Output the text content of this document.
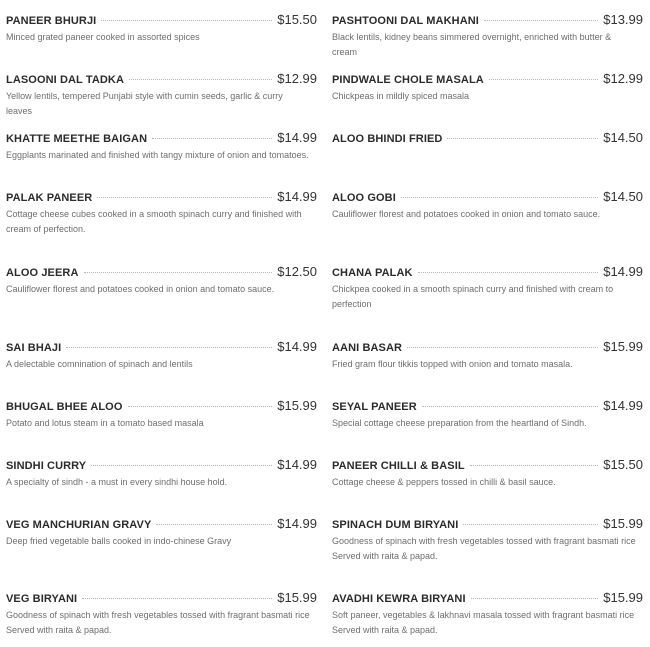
PANEER BHURJI	$15.50
Minced grated paneer cooked in assorted spices
LASOONI DAL TADKA	$12.99
Yellow lentils, tempered Punjabi style with cumin seeds, garlic & curry leaves
KHATTE MEETHE BAIGAN	$14.99
Eggplants marinated and finished with tangy mixture of onion and tomatoes.
PALAK PANEER	$14.99
Cottage cheese cubes cooked in a smooth spinach curry and finished with cream of perfection.
ALOO JEERA	$12.50
Cauliflower florest and potatoes cooked in onion and tomato sauce.
SAI BHAJI	$14.99
A delectable comnination of spinach and lentils
BHUGAL BHEE ALOO	$15.99
Potato and lotus steam in a tomato based masala
SINDHI CURRY	$14.99
A specialty of sindh - a must in every sindhi house hold.
VEG MANCHURIAN GRAVY	$14.99
Deep fried vegetable balls cooked in indo-chinese Gravy
VEG BIRYANI	$15.99
Goodness of spinach with fresh vegetables tossed with fragrant basmati rice Served with raita & papad.
PASHTOONI DAL MAKHANI	$13.99
Black lentils, kidney beans simmered overnight, enriched with butter & cream
PINDWALE CHOLE MASALA	$12.99
Chickpeas in mildly spiced masala
ALOO BHINDI FRIED	$14.50
ALOO GOBI	$14.50
Cauliflower florest and potatoes cooked in onion and tomato sauce.
CHANA PALAK	$14.99
Chickpea cooked in a smooth spinach curry and finished with cream to perfection
AANI BASAR	$15.99
Fried gram flour tikkis topped with onion and tomato masala.
SEYAL PANEER	$14.99
Special cottage cheese preparation from the heartland of Sindh.
PANEER CHILLI & BASIL	$15.50
Cottage cheese & peppers tossed in chilli & basil sauce.
SPINACH DUM BIRYANI	$15.99
Goodness of spinach with fresh vegetables tossed with fragrant basmati rice Served with raita & papad.
AVADHI KEWRA BIRYANI	$15.99
Soft paneer, vegetables & lakhnavi masala tossed with fragrant basmati rice Served with raita & papad.
